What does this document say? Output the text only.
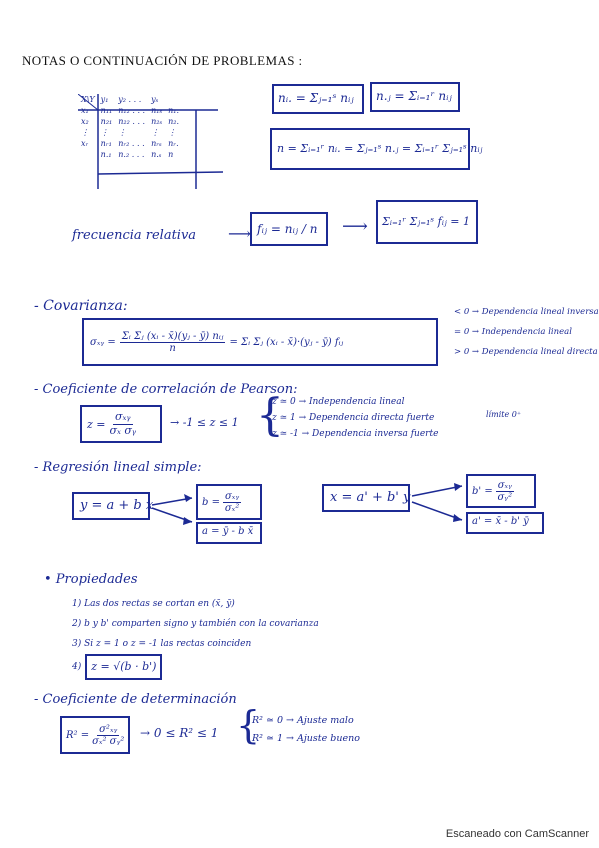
NOTAS O CONTINUACIÓN DE PROBLEMAS :
X\Y	y₁	y₂ . . .	yₛ	
x₁	n₁₁	n₁₂ . . .	n₁ₛ	n₁.
x₂	n₂₁	n₂₂ . . .	n₂ₛ	n₂.
⋮	⋮	⋮	⋮	⋮
xᵣ	nᵣ₁	nᵣ₂ . . .	nᵣₛ	nᵣ.
	n.₁	n.₂ . . .	n.ₛ	n
nᵢ. = Σⱼ₌₁ˢ nᵢⱼ	n.ⱼ = Σᵢ₌₁ʳ nᵢⱼ
n = Σᵢ₌₁ʳ nᵢ. = Σⱼ₌₁ˢ n.ⱼ = Σᵢ₌₁ʳ Σⱼ₌₁ˢ nᵢⱼ
frecuencia relativa ⟶ fᵢⱼ = nᵢⱼ / n	⟶	Σᵢ₌₁ʳ Σⱼ₌₁ˢ fᵢⱼ = 1
- Covarianza:
σₓᵧ = $\frac{\text{Σᵢ Σⱼ (xᵢ - x̄)(yⱼ - ȳ) nᵢⱼ}}{n}$ = Σᵢ Σⱼ (xᵢ - x̄)·(yⱼ - ȳ) fᵢⱼ
< 0 → Dependencia lineal inversa
= 0 → Independencia lineal
> 0 → Dependencia lineal directa
- Coeficiente de correlación de Pearson:
$z = \frac{\text{σₓᵧ}}{\text{σₓ σᵧ}}$	→ -1 ≤ z ≤ 1 {
z ≃ 0 → Independencia lineal
z ≃ 1 → Dependencia directa fuerte
z ≃ -1 → Dependencia inversa fuerte
límite 0⁺
- Regresión lineal simple:
y = a + b x	$b = \frac{\text{σₓᵧ}}{\text{σₓ²}}$
a = ȳ - b x̄
x = a' + b' y	$b' = \frac{\text{σₓᵧ}}{\text{σᵧ²}}$
a' = x̄ - b' ȳ
• Propiedades
1) Las dos rectas se cortan en (x̄, ȳ)
2) b y b' comparten signo y también con la covarianza
3) Si z = 1 o z = -1 las rectas coinciden
4) z = √(b · b')
- Coeficiente de determinación
$R^2 = \frac{\text{σ²ₓᵧ}}{\text{σₓ² σᵧ²}} \to 0 \le R^2 \le 1$ {
R² ≃ 0 → Ajuste malo
R² ≃ 1 → Ajuste bueno
Escaneado con CamScanner
